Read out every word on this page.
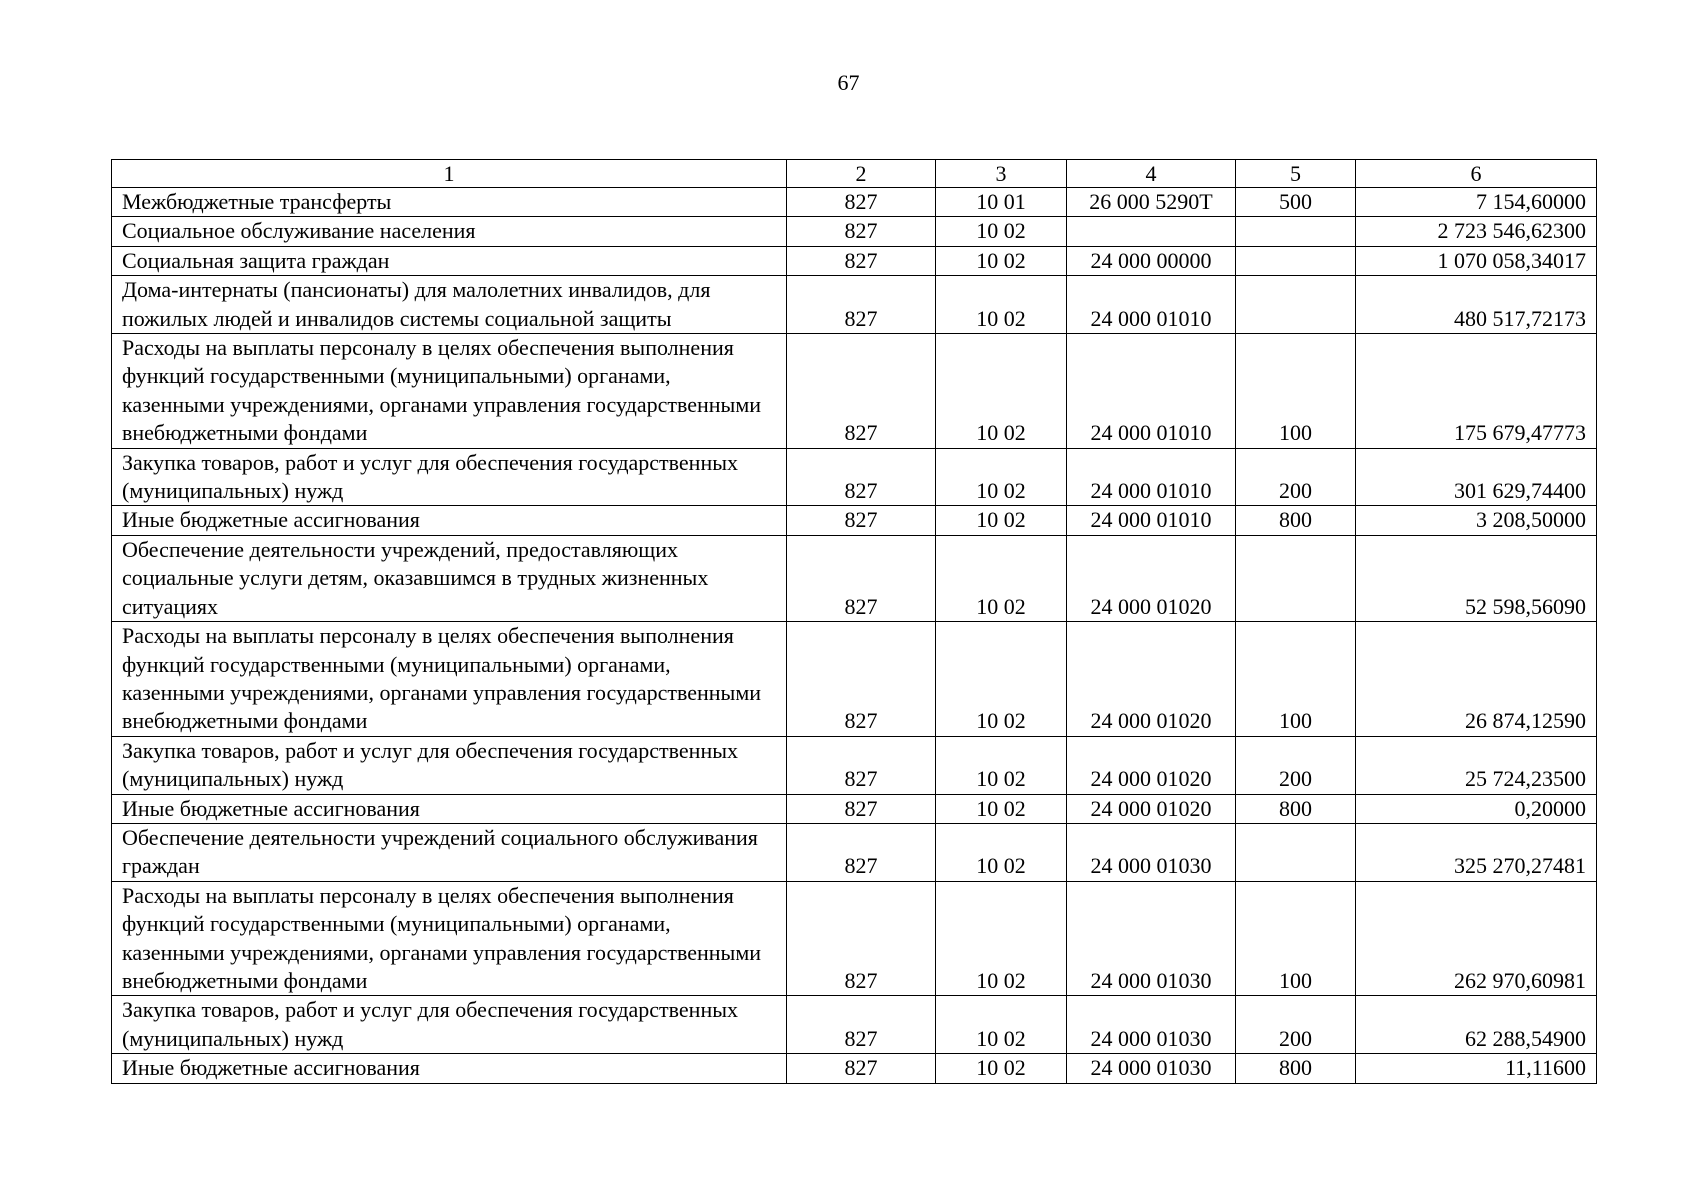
67
1	2	3	4	5	6
Межбюджетные трансферты	827	10 01	26 000 5290Т	500	7 154,60000
Социальное обслуживание населения	827	10 02			2 723 546,62300
Социальная защита граждан	827	10 02	24 000 00000		1 070 058,34017
Дома-интернаты (пансионаты) для малолетних инвалидов, для пожилых людей и инвалидов системы социальной защиты	827	10 02	24 000 01010		480 517,72173
Расходы на выплаты персоналу в целях обеспечения выполнения функций государственными (муниципальными) органами, казенными учреждениями, органами управления государственными внебюджетными фондами	827	10 02	24 000 01010	100	175 679,47773
Закупка товаров, работ и услуг для обеспечения государственных (муниципальных) нужд	827	10 02	24 000 01010	200	301 629,74400
Иные бюджетные ассигнования	827	10 02	24 000 01010	800	3 208,50000
Обеспечение деятельности учреждений, предоставляющих социальные услуги детям, оказавшимся в трудных жизненных ситуациях	827	10 02	24 000 01020		52 598,56090
Расходы на выплаты персоналу в целях обеспечения выполнения функций государственными (муниципальными) органами, казенными учреждениями, органами управления государственными внебюджетными фондами	827	10 02	24 000 01020	100	26 874,12590
Закупка товаров, работ и услуг для обеспечения государственных (муниципальных) нужд	827	10 02	24 000 01020	200	25 724,23500
Иные бюджетные ассигнования	827	10 02	24 000 01020	800	0,20000
Обеспечение деятельности учреждений социального обслуживания граждан	827	10 02	24 000 01030		325 270,27481
Расходы на выплаты персоналу в целях обеспечения выполнения функций государственными (муниципальными) органами, казенными учреждениями, органами управления государственными внебюджетными фондами	827	10 02	24 000 01030	100	262 970,60981
Закупка товаров, работ и услуг для обеспечения государственных (муниципальных) нужд	827	10 02	24 000 01030	200	62 288,54900
Иные бюджетные ассигнования	827	10 02	24 000 01030	800	11,11600
